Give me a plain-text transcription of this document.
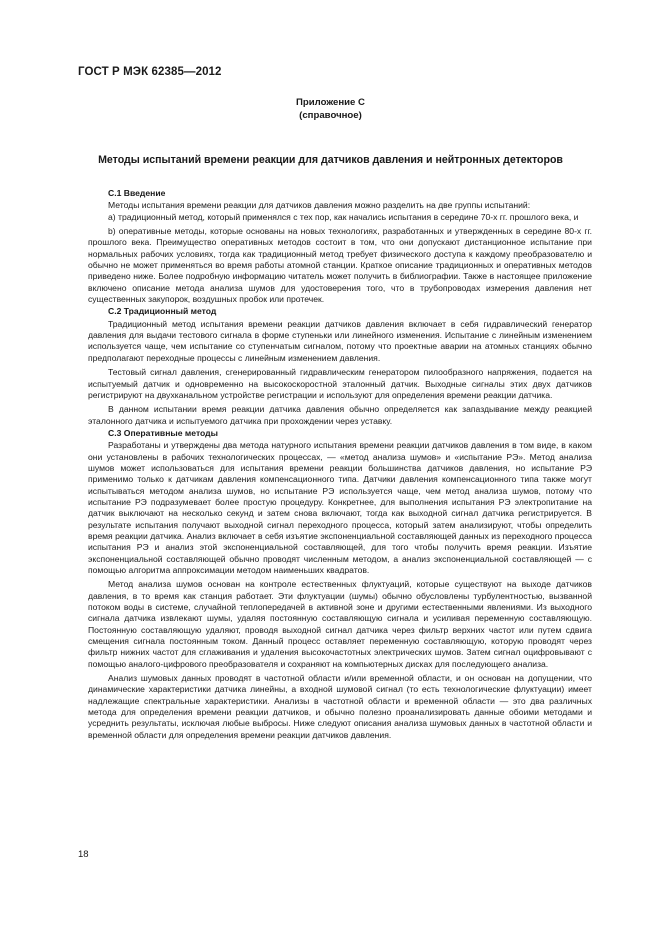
ГОСТ Р МЭК 62385—2012
Приложение С
(справочное)
Методы испытаний времени реакции для датчиков давления и нейтронных детекторов

С.1 Введение

Методы испытания времени реакции для датчиков давления можно разделить на две группы испытаний:

а) традиционный метод, который применялся с тех пор, как начались испытания в середине 70-х гг. прошлого века, и

b) оперативные методы, которые основаны на новых технологиях, разработанных и утвержденных в середине 80-х гг. прошлого века. Преимущество оперативных методов состоит в том, что они допускают дистанционное испытание при нормальных рабочих условиях, тогда как традиционный метод требует физического доступа к каждому преобразователю и обычно не может применяться во время работы атомной станции. Краткое описание традиционных и оперативных методов приведено ниже. Более подробную информацию читатель может получить в библиографии. Также в настоящее приложение включено описание метода анализа шумов для удостоверения того, что в трубопроводах измерения давления нет существенных закупорок, воздушных пробок или протечек.

С.2 Традиционный метод

Традиционный метод испытания времени реакции датчиков давления включает в себя гидравлический генератор давления для выдачи тестового сигнала в форме ступеньки или линейного изменения. Испытание с линейным изменением используется чаще, чем испытание со ступенчатым сигналом, потому что проектные аварии на атомных станциях обычно предполагают переходные процессы с линейным изменением давления.

Тестовый сигнал давления, сгенерированный гидравлическим генератором пилообразного напряжения, подается на испытуемый датчик и одновременно на высокоскоростной эталонный датчик. Выходные сигналы этих двух датчиков регистрируют на двухканальном устройстве регистрации и используют для определения времени реакции датчика.

В данном испытании время реакции датчика давления обычно определяется как запаздывание между реакцией эталонного датчика и испытуемого датчика при прохождении через уставку.

С.3 Оперативные методы

Разработаны и утверждены два метода натурного испытания времени реакции датчиков давления в том виде, в каком они установлены в рабочих технологических процессах, — «метод анализа шумов» и «испытание РЭ». Метод анализа шумов может использоваться для испытания времени реакции большинства датчиков давления, но испытание РЭ применимо только к датчикам давления компенсационного типа. Датчики давления компенсационного типа также могут испытываться методом анализа шумов, но испытание РЭ используется чаще, чем метод анализа шумов, потому что испытание РЭ подразумевает более простую процедуру. Конкретнее, для выполнения испытания РЭ электропитание на датчик выключают на несколько секунд и затем снова включают, тогда как выходной сигнал датчика регистрируется. В результате испытания получают выходной сигнал переходного процесса, который затем анализируют, чтобы определить время реакции датчика. Анализ включает в себя изъятие экспоненциальной составляющей данных из переходного процесса испытания РЭ и анализ этой экспоненциальной составляющей, для того чтобы получить время реакции. Изъятие экспоненциальной составляющей обычно проводят численным методом, а анализ экспоненциальной составляющей — с помощью алгоритма аппроксимации методом наименьших квадратов.

Метод анализа шумов основан на контроле естественных флуктуаций, которые существуют на выходе датчиков давления, в то время как станция работает. Эти флуктуации (шумы) обычно обусловлены турбулентностью, вызванной потоком воды в системе, случайной теплопередачей в активной зоне и другими естественными явлениями. Из выходного сигнала датчика извлекают шумы, удаляя постоянную составляющую сигнала и усиливая переменную составляющую. Постоянную составляющую удаляют, проводя выходной сигнал датчика через фильтр верхних частот или путем сдвига смещения сигнала постоянным током. Данный процесс оставляет переменную составляющую, которую проводят через фильтр нижних частот для сглаживания и удаления высокочастотных электрических шумов. Затем сигнал оцифровывают с помощью аналого-цифрового преобразователя и сохраняют на компьютерных дисках для последующего анализа.

Анализ шумовых данных проводят в частотной области и/или временной области, и он основан на допущении, что динамические характеристики датчика линейны, а входной шумовой сигнал (то есть технологические флуктуации) имеет надлежащие спектральные характеристики. Анализы в частотной области и временной области — это два различных метода для определения времени реакции датчиков, и обычно полезно проанализировать данные обоими методами и усреднить результаты, исключая любые выбросы. Ниже следуют описания анализа шумовых данных в частотной области и временной области для определения времени реакции датчиков давления.

18
